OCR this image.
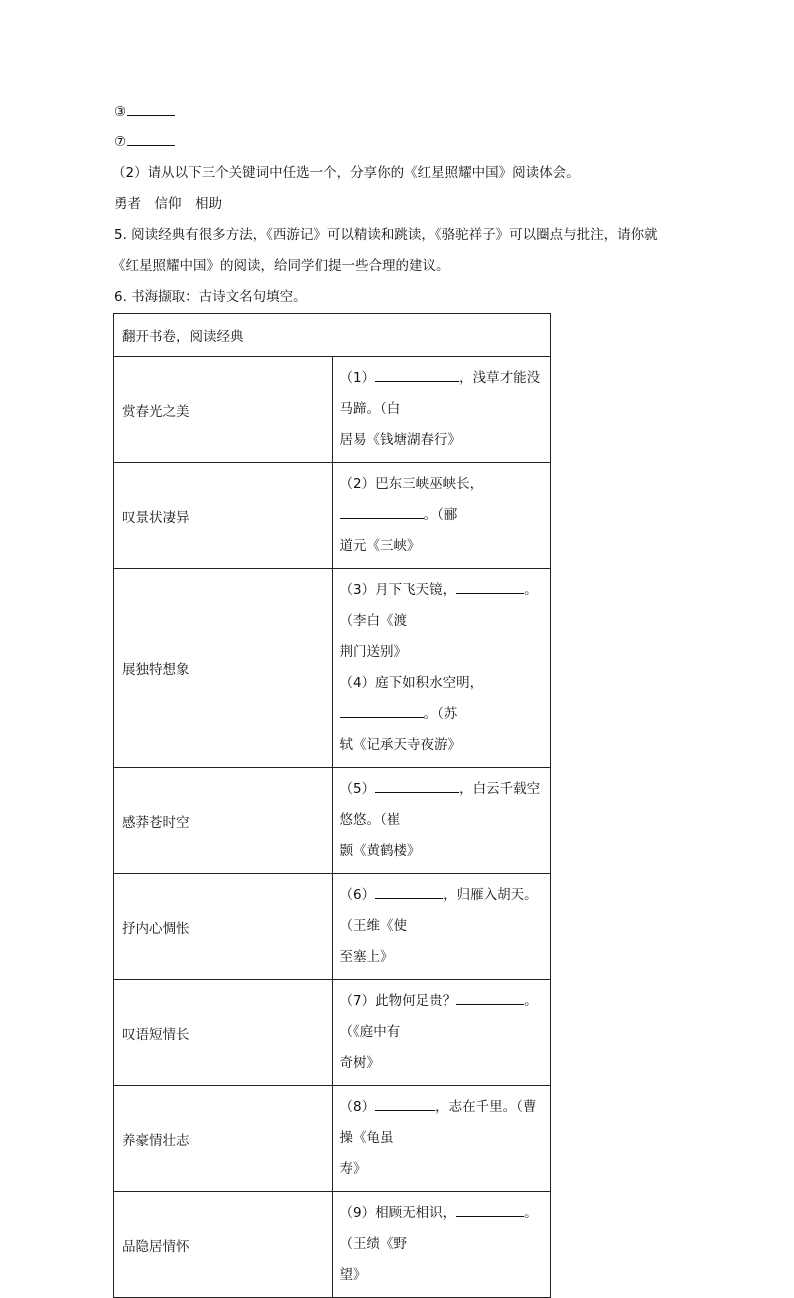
③
⑦
（2）请从以下三个关键词中任选一个，分享你的《红星照耀中国》阅读体会。
勇者　信仰　相助
5. 阅读经典有很多方法，《西游记》可以精读和跳读，《骆驼祥子》可以圈点与批注，请你就
《红星照耀中国》的阅读，给同学们提一些合理的建议。
6. 书海撷取：古诗文名句填空。
翻开书卷，阅读经典	
赏春光之美	（1） ，浅草才能没马蹄。（白
居易《钱塘湖春行》
叹景状凄异	（2）巴东三峡巫峡长，。（郦
道元《三峡》
展独特想象	（3）月下飞天镜， 。（李白《渡
荆门送别》
（4）庭下如积水空明，。（苏
轼《记承天寺夜游》
感莽苍时空	（5） ，白云千载空悠悠。（崔
颢《黄鹤楼》
抒内心惆怅	（6） ，归雁入胡天。（王维《使
至塞上》
叹语短情长	（7）此物何足贵？ 。（《庭中有
奇树》
养豪情壮志	（8） ，志在千里。（曹操《龟虽
寿》
品隐居情怀	（9）相顾无相识， 。（王绩《野
望》
